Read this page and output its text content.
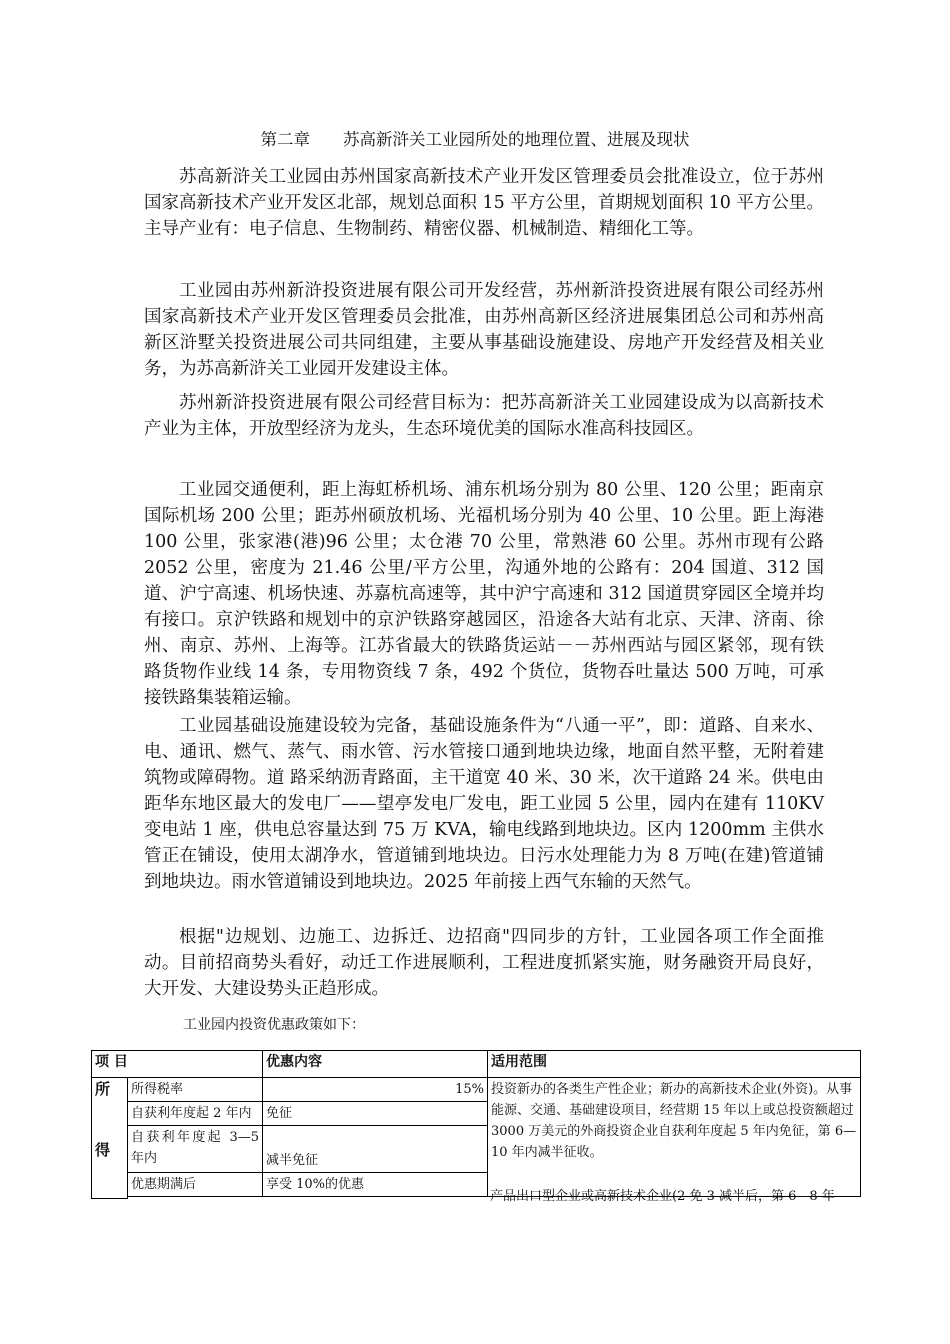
第二章　　苏高新浒关工业园所处的地理位置、进展及现状

苏高新浒关工业园由苏州国家高新技术产业开发区管理委员会批准设立，位于苏州国家高新技术产业开发区北部，规划总面积 15 平方公里，首期规划面积 10 平方公里。主导产业有：电子信息、生物制药、精密仪器、机械制造、精细化工等。

工业园由苏州新浒投资进展有限公司开发经营，苏州新浒投资进展有限公司经苏州国家高新技术产业开发区管理委员会批准，由苏州高新区经济进展集团总公司和苏州高新区浒墅关投资进展公司共同组建，主要从事基础设施建设、房地产开发经营及相关业务，为苏高新浒关工业园开发建设主体。

苏州新浒投资进展有限公司经营目标为：把苏高新浒关工业园建设成为以高新技术产业为主体，开放型经济为龙头，生态环境优美的国际水准高科技园区。

工业园交通便利，距上海虹桥机场、浦东机场分别为 80 公里、120 公里；距南京国际机场 200 公里；距苏州硕放机场、光福机场分别为 40 公里、10 公里。距上海港 100 公里，张家港(港)96 公里；太仓港 70 公里，常熟港 60 公里。苏州市现有公路 2052 公里，密度为 21.46 公里/平方公里，沟通外地的公路有：204 国道、312 国道、沪宁高速、机场快速、苏嘉杭高速等，其中沪宁高速和 312 国道贯穿园区全境并均有接口。京沪铁路和规划中的京沪铁路穿越园区，沿途各大站有北京、天津、济南、徐州、南京、苏州、上海等。江苏省最大的铁路货运站－－苏州西站与园区紧邻，现有铁路货物作业线 14 条，专用物资线 7 条，492 个货位，货物吞吐量达 500 万吨，可承接铁路集装箱运输。

工业园基础设施建设较为完备，基础设施条件为“八通一平”，即：道路、自来水、电、通讯、燃气、蒸气、雨水管、污水管接口通到地块边缘，地面自然平整，无附着建筑物或障碍物。道 路采纳沥青路面，主干道宽 40 米、30 米，次干道路 24 米。供电由距华东地区最大的发电厂——望亭发电厂发电，距工业园 5 公里，园内在建有 110KV 变电站 1 座，供电总容量达到 75 万 KVA，输电线路到地块边。区内 1200mm 主供水管正在铺设，使用太湖净水，管道铺到地块边。日污水处理能力为 8 万吨(在建)管道铺到地块边。雨水管道铺设到地块边。2025 年前接上西气东输的天然气。

根据"边规划、边施工、边拆迁、边招商"四同步的方针，工业园各项工作全面推动。目前招商势头看好，动迁工作进展顺利，工程进度抓紧实施，财务融资开局良好，大开发、大建设势头正趋形成。

工业园内投资优惠政策如下：
项 目		优惠内容	适用范围

所
得	所得税率	15%	投资新办的各类生产性企业；新办的高新技术企业(外资)。从事能源、交通、基础建设项目，经营期 15 年以上或总投资额超过 3000 万美元的外商投资企业自获利年度起 5 年内免征，第 6—10 年内减半征收。
	自获利年度起 2 年内	免征	
	自获利年度起 3—5 年内	减半免征	
	优惠期满后	享受 10%的优惠	

产品出口型企业或高新技术企业(2 免 3 减半后，第 6—8 年
